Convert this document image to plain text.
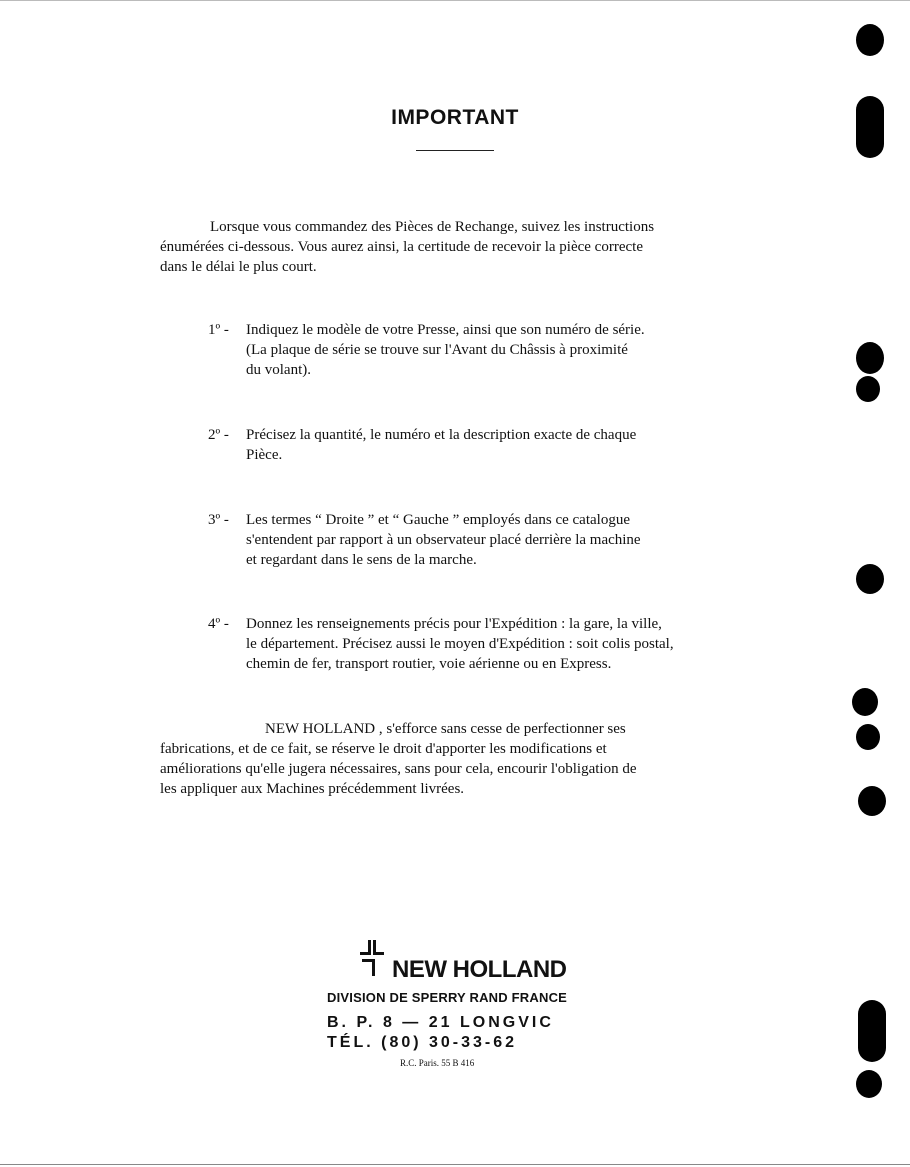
IMPORTANT
Lorsque vous commandez des Pièces de Rechange, suivez les instructions
énumérées ci-dessous. Vous aurez ainsi, la certitude de recevoir la pièce correcte
dans le délai le plus court.
1º -	Indiquez le modèle de votre Presse, ainsi que son numéro de série.
(La plaque de série se trouve sur l'Avant du Châssis à proximité
du volant).
2º -	Précisez la quantité, le numéro et la description exacte de chaque
Pièce.
3º -	Les termes “ Droite ” et “ Gauche ” employés dans ce catalogue
s'entendent par rapport à un observateur placé derrière la machine
et regardant dans le sens de la marche.
4º -	Donnez les renseignements précis pour l'Expédition : la gare, la ville,
le département. Précisez aussi le moyen d'Expédition : soit colis postal,
chemin de fer, transport routier, voie aérienne ou en Express.
NEW HOLLAND , s'efforce sans cesse de perfectionner ses
fabrications, et de ce fait, se réserve le droit d'apporter les modifications et
améliorations qu'elle jugera nécessaires, sans pour cela, encourir l'obligation de
les appliquer aux Machines précédemment livrées.
NEW HOLLAND
DIVISION DE SPERRY RAND FRANCE
B. P. 8 — 21 LONGVIC
TÉL. (80) 30-33-62
R.C. Paris. 55 B 416
